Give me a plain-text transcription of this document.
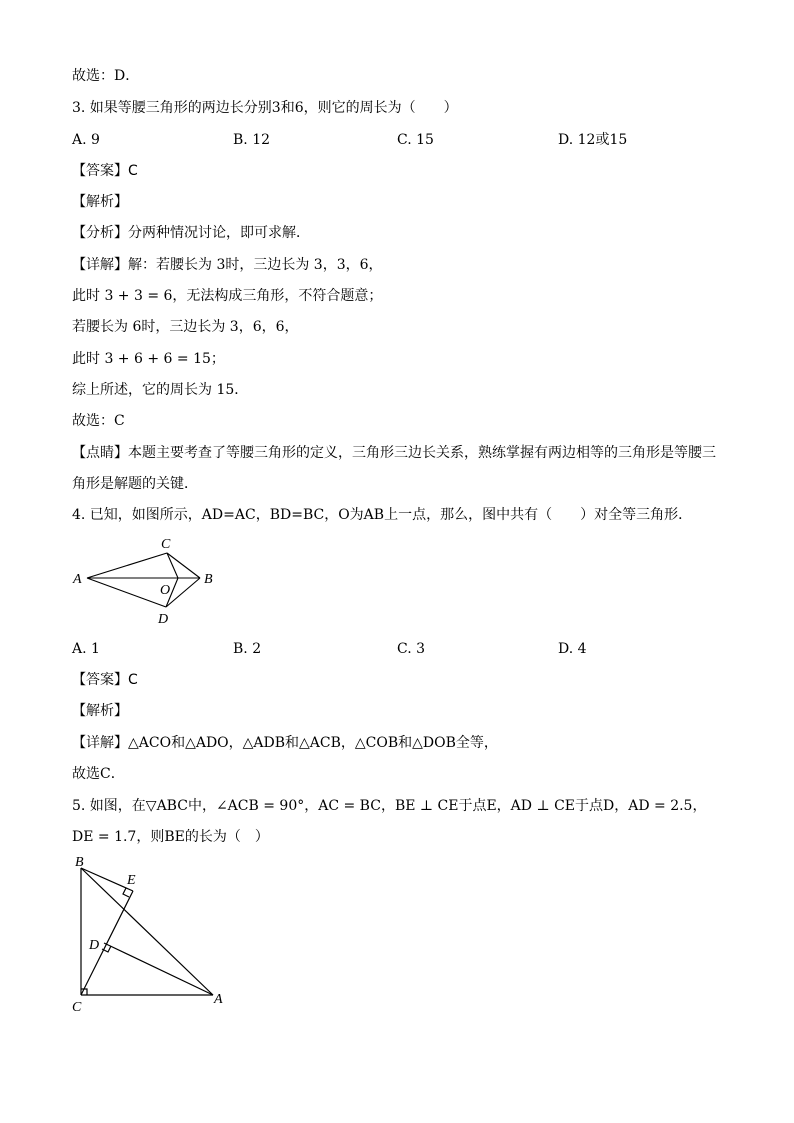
故选：D．
3. 如果等腰三角形的两边长分别3和6，则它的周长为（　　）
A. 9	B. 12	C. 15	D. 12或15
【答案】C
【解析】
【分析】分两种情况讨论，即可求解．
【详解】解：若腰长为 3时，三边长为 3，3，6，
此时 3 + 3 = 6，无法构成三角形，不符合题意；
若腰长为 6时，三边长为 3，6，6，
此时 3 + 6 + 6 = 15；
综上所述，它的周长为 15．
故选：C
【点睛】本题主要考查了等腰三角形的定义，三角形三边长关系，熟练掌握有两边相等的三角形是等腰三
角形是解题的关键．
4. 已知，如图所示，AD=AC，BD=BC，O为AB上一点，那么，图中共有（　　）对全等三角形．
A
C
B
O
D
A. 1	B. 2	C. 3	D. 4
【答案】C
【解析】
【详解】△ACO和△ADO，△ADB和△ACB，△COB和△DOB全等，
故选C．
5. 如图，在▽ABC中，∠ACB = 90°，AC = BC，BE ⊥ CE于点E，AD ⊥ CE于点D，AD = 2.5，
DE = 1.7，则BE的长为（　）
B
E
D
C
A
